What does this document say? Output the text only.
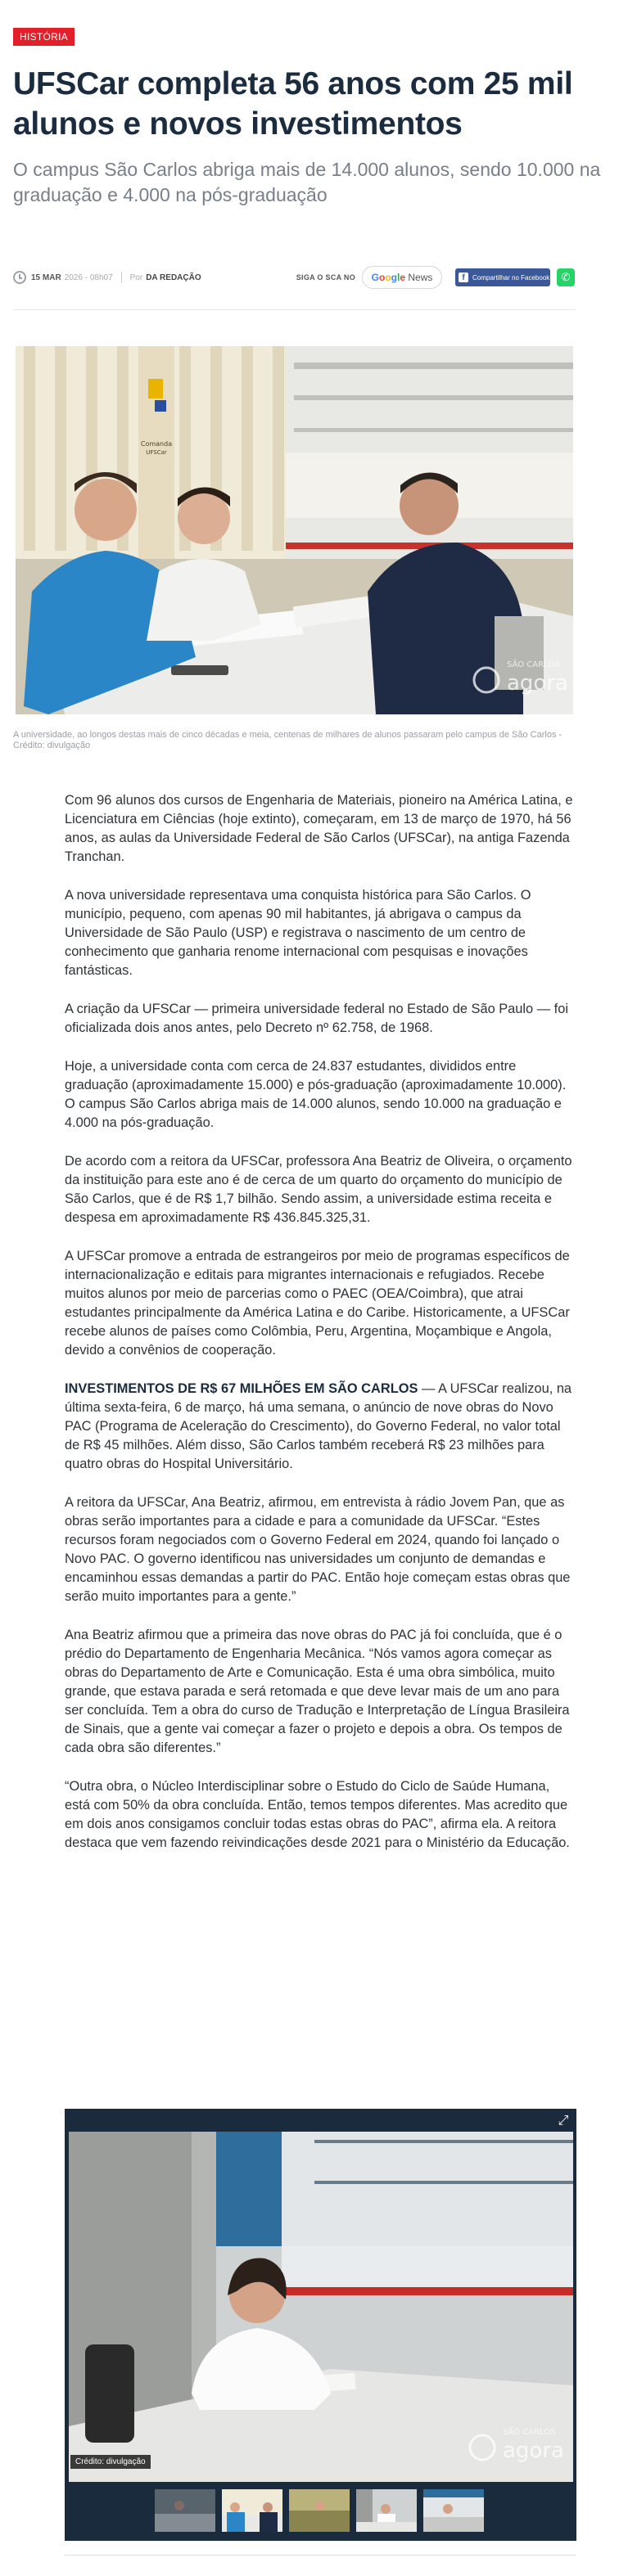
HISTÓRIA
UFSCar completa 56 anos com 25 mil alunos e novos investimentos

O campus São Carlos abriga mais de 14.000 alunos, sendo 10.000 na graduação e 4.000 na pós-graduação

15 MAR 2026 - 08h07 Por DA REDAÇÃO	SIGA O SCA NO Google
News	f	Compartilhar no Facebook ✆
Comanda
UFSCar
SÃO CARLOS
agora

A universidade, ao longos destas mais de cinco décadas e meia, centenas de milhares de alunos passaram pelo campus de São Carlos - Crédito: divulgação

Com 96 alunos dos cursos de Engenharia de Materiais, pioneiro na América Latina, e Licenciatura em Ciências (hoje extinto), começaram, em 13 de março de 1970, há 56 anos, as aulas da Universidade Federal de São Carlos (UFSCar), na antiga Fazenda Tranchan.

A nova universidade representava uma conquista histórica para São Carlos. O município, pequeno, com apenas 90 mil habitantes, já abrigava o campus da Universidade de São Paulo (USP) e registrava o nascimento de um centro de conhecimento que ganharia renome internacional com pesquisas e inovações fantásticas.

A criação da UFSCar — primeira universidade federal no Estado de São Paulo — foi oficializada dois anos antes, pelo Decreto nº 62.758, de 1968.

Hoje, a universidade conta com cerca de 24.837 estudantes, divididos entre graduação (aproximadamente 15.000) e pós-graduação (aproximadamente 10.000). O campus São Carlos abriga mais de 14.000 alunos, sendo 10.000 na graduação e 4.000 na pós-graduação.

De acordo com a reitora da UFSCar, professora Ana Beatriz de Oliveira, o orçamento da instituição para este ano é de cerca de um quarto do orçamento do município de São Carlos, que é de R$ 1,7 bilhão. Sendo assim, a universidade estima receita e despesa em aproximadamente R$ 436.845.325,31.

A UFSCar promove a entrada de estrangeiros por meio de programas específicos de internacionalização e editais para migrantes internacionais e refugiados. Recebe muitos alunos por meio de parcerias como o PAEC (OEA/Coimbra), que atrai estudantes principalmente da América Latina e do Caribe. Historicamente, a UFSCar recebe alunos de países como Colômbia, Peru, Argentina, Moçambique e Angola, devido a convênios de cooperação.

INVESTIMENTOS DE R$ 67 MILHÕES EM SÃO CARLOS — A UFSCar realizou, na última sexta-feira, 6 de março, há uma semana, o anúncio de nove obras do Novo PAC (Programa de Aceleração do Crescimento), do Governo Federal, no valor total de R$ 45 milhões. Além disso, São Carlos também receberá R$ 23 milhões para quatro obras do Hospital Universitário.

A reitora da UFSCar, Ana Beatriz, afirmou, em entrevista à rádio Jovem Pan, que as obras serão importantes para a cidade e para a comunidade da UFSCar. “Estes recursos foram negociados com o Governo Federal em 2024, quando foi lançado o Novo PAC. O governo identificou nas universidades um conjunto de demandas e encaminhou essas demandas a partir do PAC. Então hoje começam estas obras que serão muito importantes para a gente.”

Ana Beatriz afirmou que a primeira das nove obras do PAC já foi concluída, que é o prédio do Departamento de Engenharia Mecânica. “Nós vamos agora começar as obras do Departamento de Arte e Comunicação. Esta é uma obra simbólica, muito grande, que estava parada e será retomada e que deve levar mais de um ano para ser concluída. Tem a obra do curso de Tradução e Interpretação de Língua Brasileira de Sinais, que a gente vai começar a fazer o projeto e depois a obra. Os tempos de cada obra são diferentes.”

“Outra obra, o Núcleo Interdisciplinar sobre o Estudo do Ciclo de Saúde Humana, está com 50% da obra concluída. Então, temos tempos diferentes. Mas acredito que em dois anos consigamos concluir todas estas obras do PAC”, afirma ela. A reitora destaca que vem fazendo reivindicações desde 2021 para o Ministério da Educação.

⤢
SÃO CARLOS
agora
Crédito: divulgação
